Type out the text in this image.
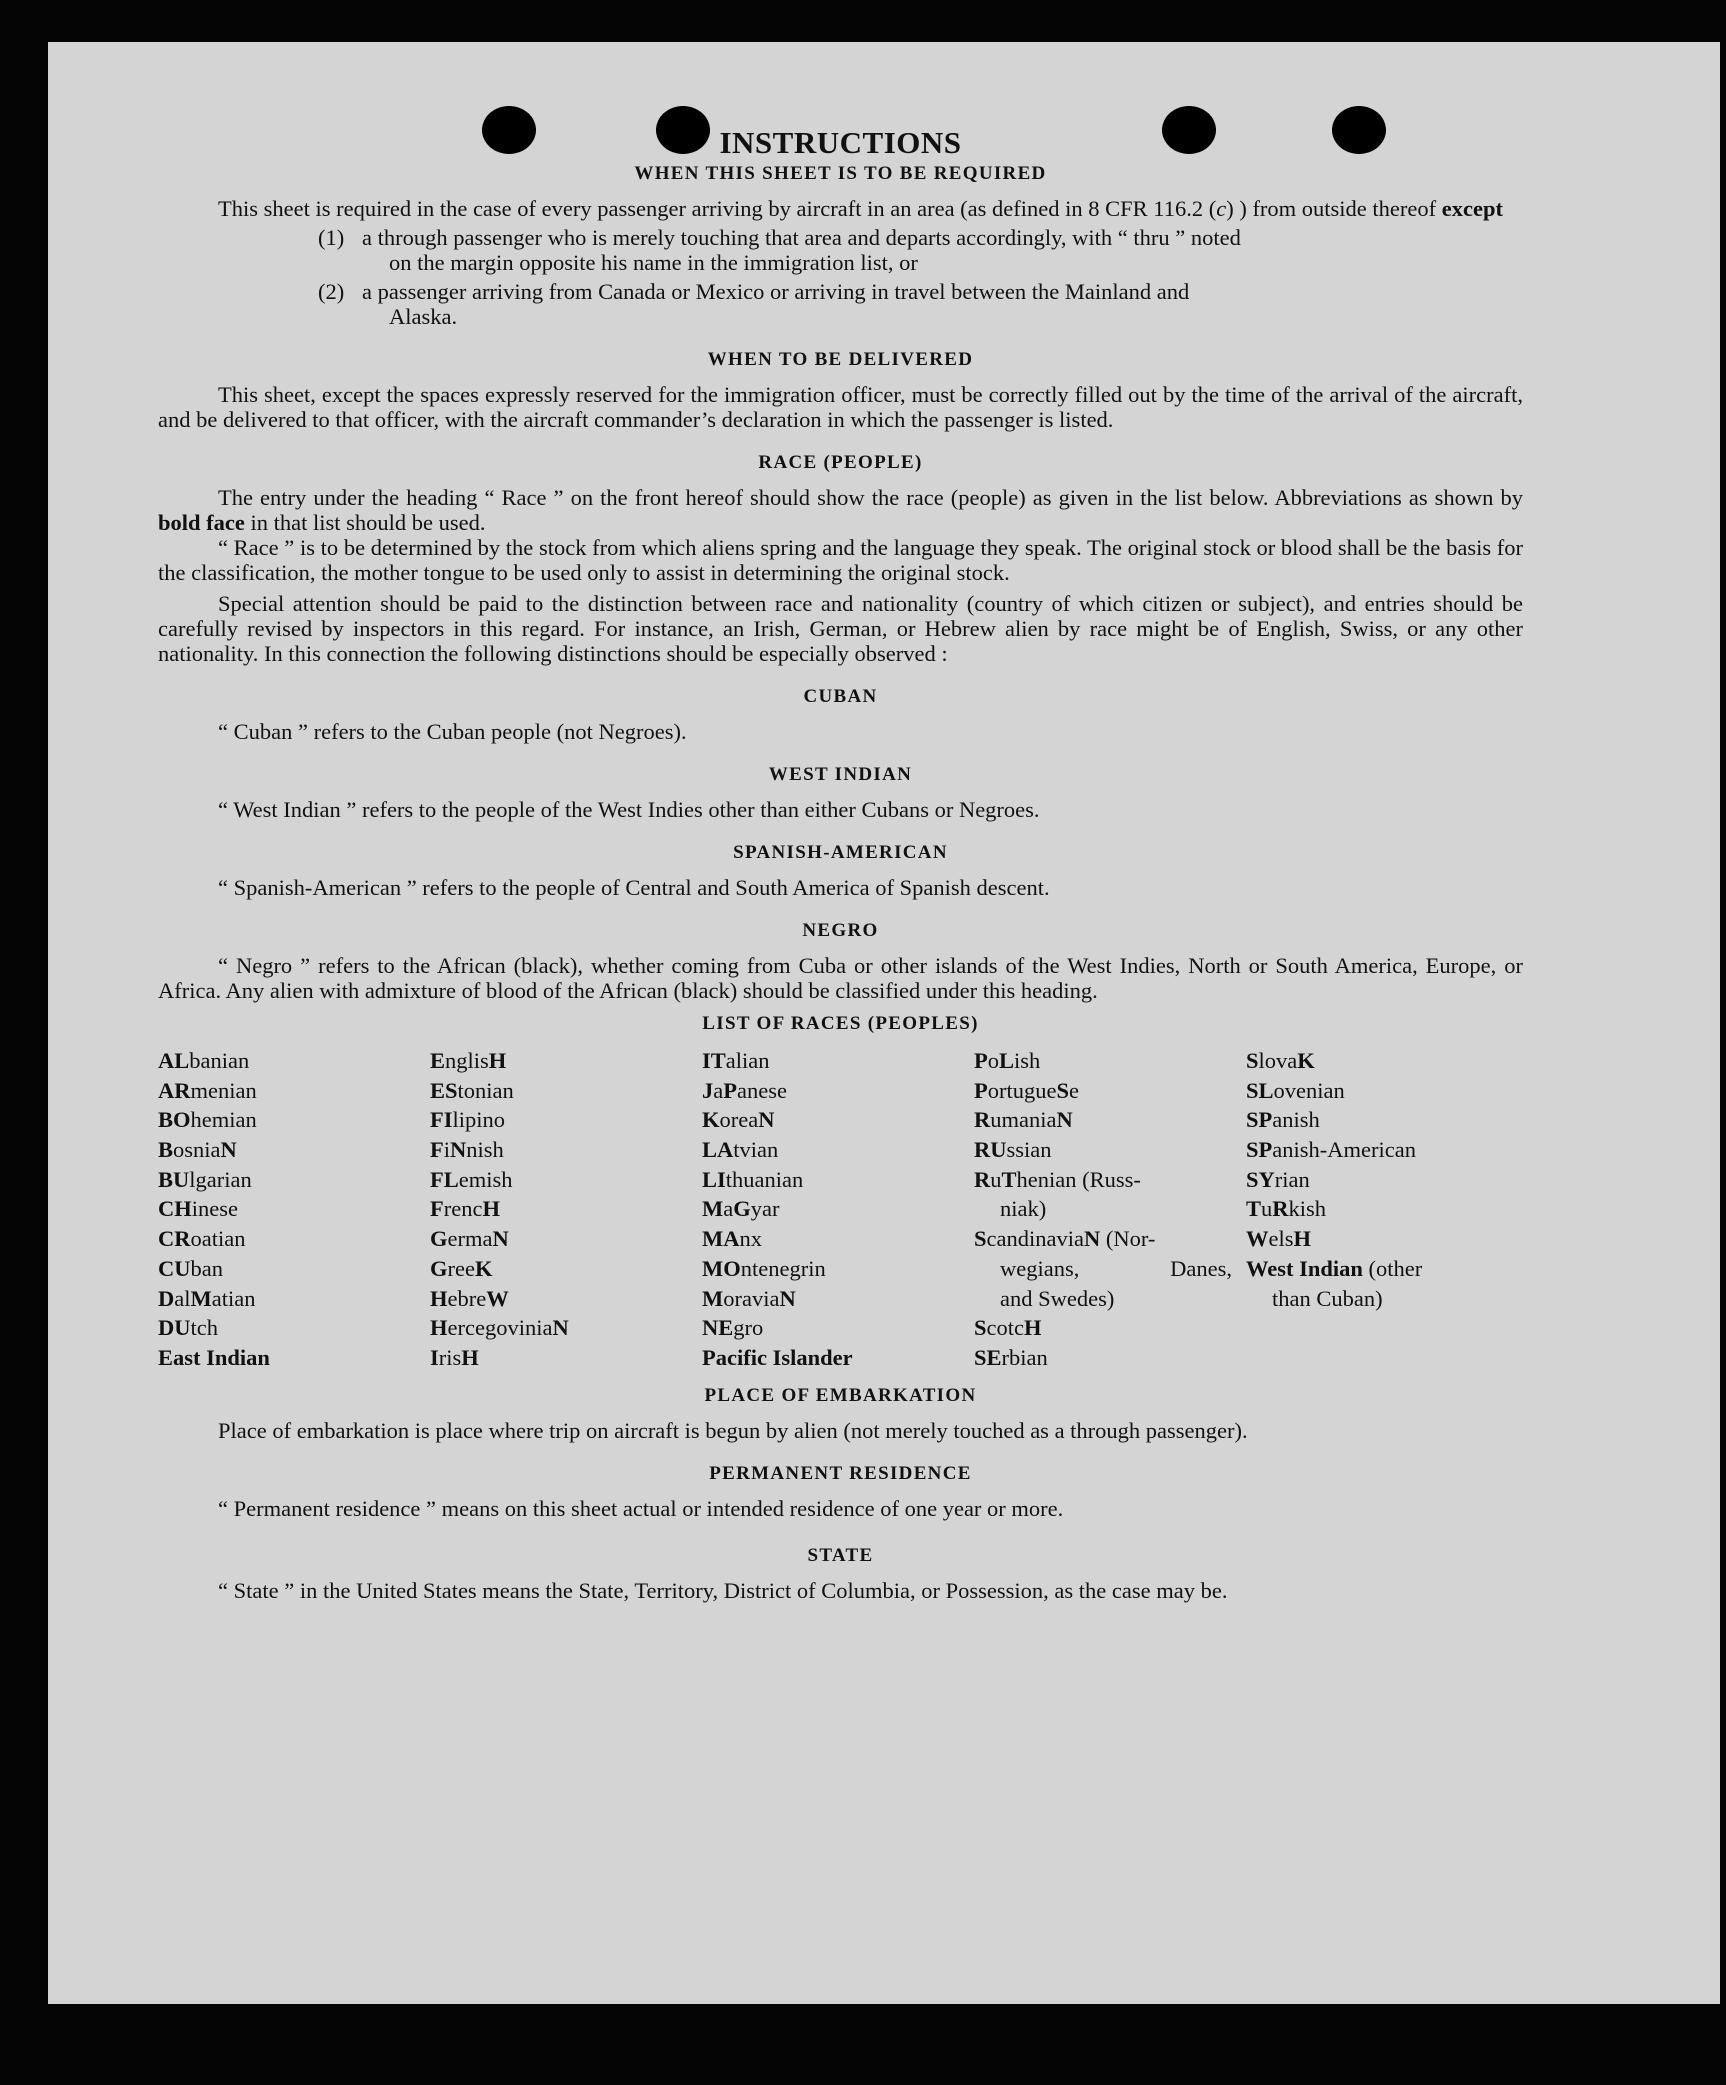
INSTRUCTIONS
WHEN THIS SHEET IS TO BE REQUIRED

This sheet is required in the case of every passenger arriving by aircraft in an area (as defined in 8 CFR 116.2 (c) ) from outside thereof except

(1) a through passenger who is merely touching that area and departs accordingly, with “ thru ” noted
on the margin opposite his name in the immigration list, or
(2) a passenger arriving from Canada or Mexico or arriving in travel between the Mainland and
Alaska.
WHEN TO BE DELIVERED

This sheet, except the spaces expressly reserved for the immigration officer, must be correctly filled out by the time of the arrival of the aircraft, and be delivered to that officer, with the aircraft commander’s declaration in which the passenger is listed.

RACE (PEOPLE)

The entry under the heading “ Race ” on the front hereof should show the race (people) as given in the list below. Abbreviations as shown by bold face in that list should be used.

“ Race ” is to be determined by the stock from which aliens spring and the language they speak. The original stock or blood shall be the basis for the classification, the mother tongue to be used only to assist in determining the original stock.

Special attention should be paid to the distinction between race and nationality (country of which citizen or subject), and entries should be carefully revised by inspectors in this regard. For instance, an Irish, German, or Hebrew alien by race might be of English, Swiss, or any other nationality. In this connection the following distinctions should be especially observed :

CUBAN

“ Cuban ” refers to the Cuban people (not Negroes).

WEST INDIAN

“ West Indian ” refers to the people of the West Indies other than either Cubans or Negroes.

SPANISH-AMERICAN

“ Spanish-American ” refers to the people of Central and South America of Spanish descent.

NEGRO

“ Negro ” refers to the African (black), whether coming from Cuba or other islands of the West Indies, North or South America, Europe, or Africa. Any alien with admixture of blood of the African (black) should be classified under this heading.

LIST OF RACES (PEOPLES)
ALbanian
ARmenian
BOhemian
BosniaN
BUlgarian
CHinese
CRoatian
CUban
DalMatian
DUtch
East Indian
EnglisH
EStonian
FIlipino
FiNnish
FLemish
FrencH
GermaN
GreeK
HebreW
HercegoviniaN
IrisH
ITalian
JaPanese
KoreaN
LAtvian
LIthuanian
MaGyar
MAnx
MOntenegrin
MoraviaN
NEgro
Pacific Islander
PoLish
PortugueSe
RumaniaN
RUssian
RuThenian (Russ-
niak)
ScandinaviaN (Nor-
wegians,	Danes,
and Swedes)
ScotcH
SErbian
SlovaK
SLovenian
SPanish
SPanish-American
SYrian
TuRkish
WelsH
West Indian (other
than Cuban)
PLACE OF EMBARKATION

Place of embarkation is place where trip on aircraft is begun by alien (not merely touched as a through passenger).

PERMANENT RESIDENCE

“ Permanent residence ” means on this sheet actual or intended residence of one year or more.

STATE

“ State ” in the United States means the State, Territory, District of Columbia, or Possession, as the case may be.
